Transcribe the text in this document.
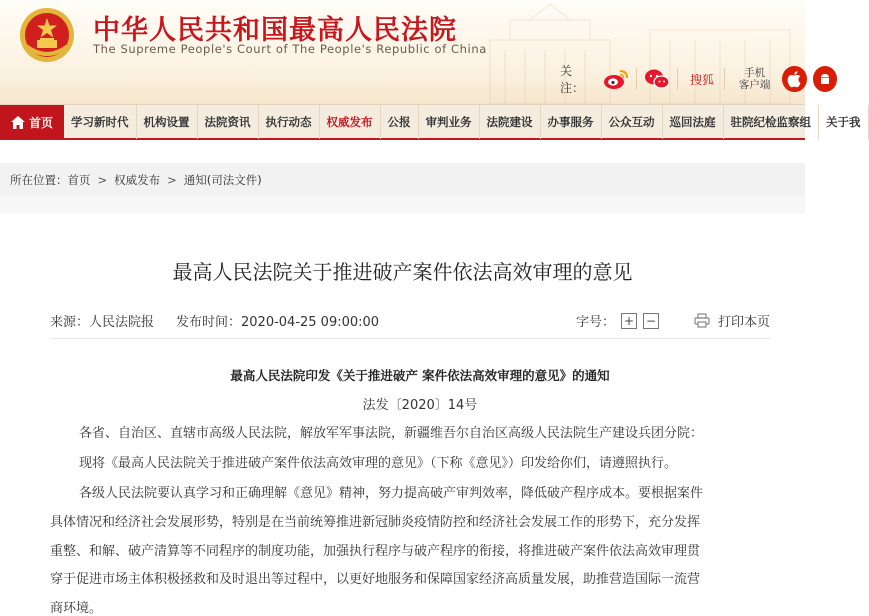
中华人民共和国最高人民法院
The Supreme People's Court of The People's Republic of China
关注：
搜狐	手机
客户端
首页	学习新时代	机构设置	法院资讯	执行动态	权威发布	公报	审判业务	法院建设	办事服务	公众互动	巡回法庭	驻院纪检监察组	关于我
所在位置： 首页 > 权威发布 > 通知(司法文件)
最高人民法院关于推进破产案件依法高效审理的意见
来源：人民法院报 发布时间：2020-04-25 09:00:00	字号： + −	打印本页
最高人民法院印发《关于推进破产 案件依法高效审理的意见》的通知
法发〔2020〕14号
各省、自治区、直辖市高级人民法院，解放军军事法院，新疆维吾尔自治区高级人民法院生产建设兵团分院：
现将《最高人民法院关于推进破产案件依法高效审理的意见》（下称《意见》）印发给你们，请遵照执行。
各级人民法院要认真学习和正确理解《意见》精神，努力提高破产审判效率，降低破产程序成本。要根据案件
具体情况和经济社会发展形势，特别是在当前统筹推进新冠肺炎疫情防控和经济社会发展工作的形势下，充分发挥
重整、和解、破产清算等不同程序的制度功能，加强执行程序与破产程序的衔接，将推进破产案件依法高效审理贯
穿于促进市场主体积极拯救和及时退出等过程中，以更好地服务和保障国家经济高质量发展，助推营造国际一流营
商环境。
